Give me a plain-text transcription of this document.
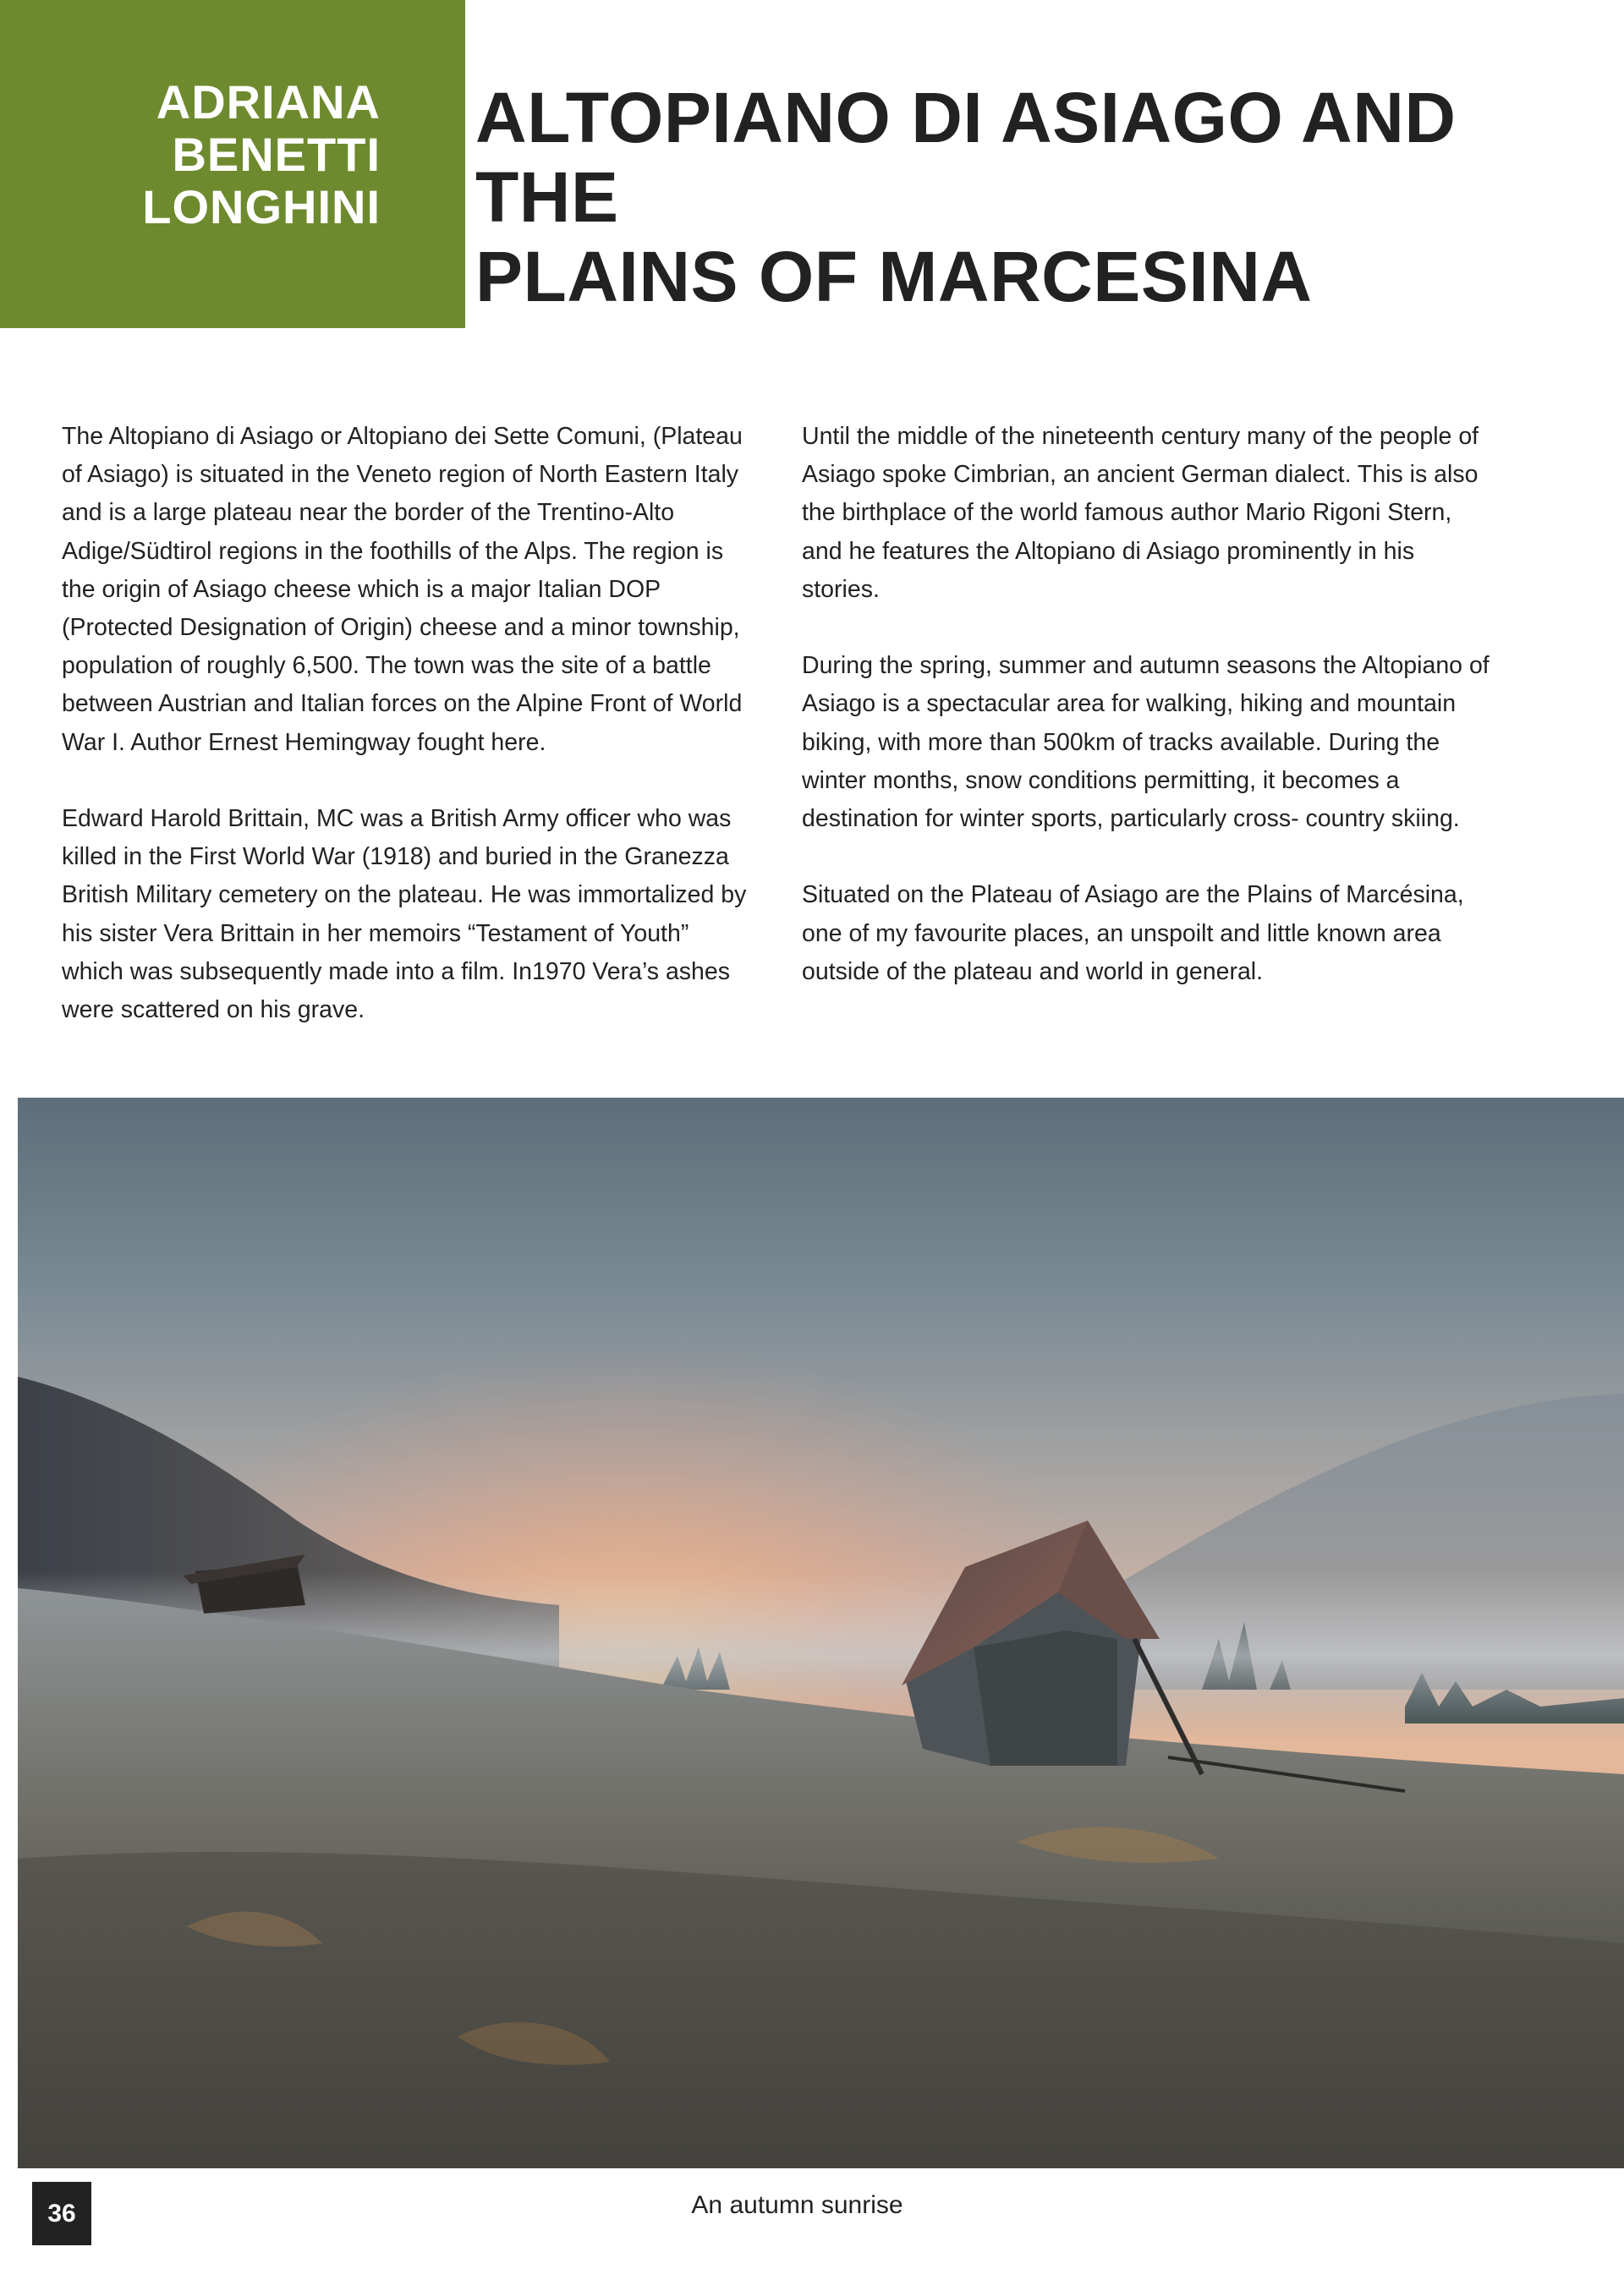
ADRIANA
BENETTI
LONGHINI
ALTOPIANO DI ASIAGO AND THE
PLAINS OF MARCESINA

The Altopiano di Asiago or Altopiano dei Sette Comuni, (Plateau of Asiago) is situated in the Veneto region of North Eastern Italy and is a large plateau near the border of the Trentino-Alto Adige/Südtirol regions in the foothills of the Alps. The region is the origin of Asiago cheese which is a major Italian DOP (Protected Designation of Origin) cheese and a minor township, population of roughly 6,500. The town was the site of a battle between Austrian and Italian forces on the Alpine Front of World War I. Author Ernest Hemingway fought here.

Edward Harold Brittain, MC was a British Army officer who was killed in the First World War (1918) and buried in the Granezza British Military cemetery on the plateau. He was immortalized by his sister Vera Brittain in her memoirs “Testament of Youth” which was subsequently made into a film. In1970 Vera’s ashes were scattered on his grave.

Until the middle of the nineteenth century many of the people of Asiago spoke Cimbrian, an ancient German dialect. This is also the birthplace of the world famous author Mario Rigoni Stern, and he features the Altopiano di Asiago prominently in his stories.

During the spring, summer and autumn seasons the Altopiano of Asiago is a spectacular area for walking, hiking and mountain biking, with more than 500km of tracks available. During the winter months, snow conditions permitting, it becomes a destination for winter sports, particularly cross- country skiing.

Situated on the Plateau of Asiago are the Plains of Marcésina, one of my favourite places, an unspoilt and little known area outside of the plateau and world in general.

36	An autumn sunrise
